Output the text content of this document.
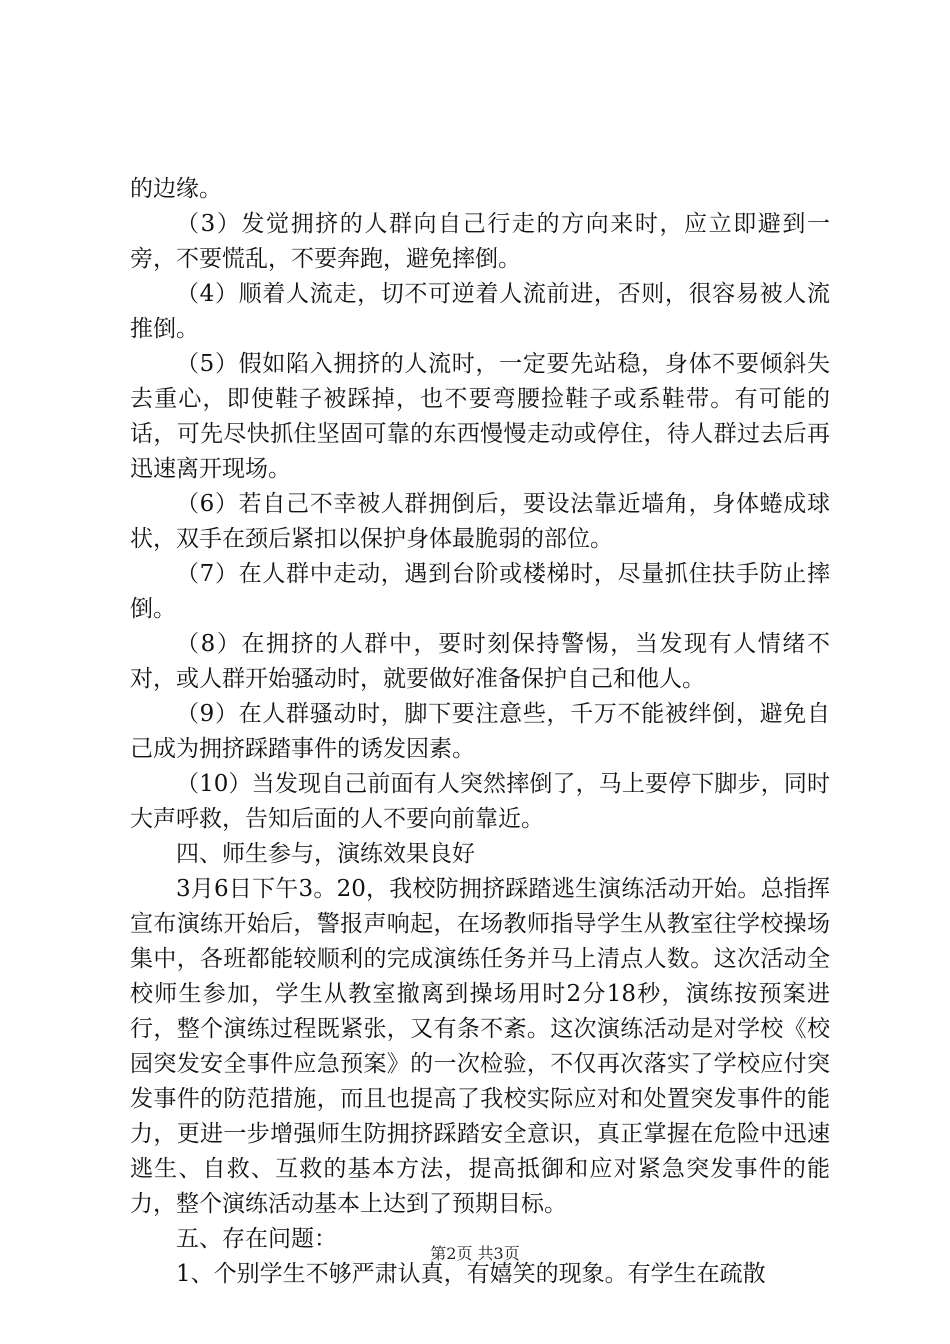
的边缘。

（3）发觉拥挤的人群向自己行走的方向来时，应立即避到一旁，不要慌乱，不要奔跑，避免摔倒。

（4）顺着人流走，切不可逆着人流前进，否则，很容易被人流推倒。

（5）假如陷入拥挤的人流时，一定要先站稳，身体不要倾斜失去重心，即使鞋子被踩掉，也不要弯腰捡鞋子或系鞋带。有可能的话，可先尽快抓住坚固可靠的东西慢慢走动或停住，待人群过去后再迅速离开现场。

（6）若自己不幸被人群拥倒后，要设法靠近墙角，身体蜷成球状，双手在颈后紧扣以保护身体最脆弱的部位。

（7）在人群中走动，遇到台阶或楼梯时，尽量抓住扶手防止摔倒。

（8）在拥挤的人群中，要时刻保持警惕，当发现有人情绪不对，或人群开始骚动时，就要做好准备保护自己和他人。

（9）在人群骚动时，脚下要注意些，千万不能被绊倒，避免自己成为拥挤踩踏事件的诱发因素。

（10）当发现自己前面有人突然摔倒了，马上要停下脚步，同时大声呼救，告知后面的人不要向前靠近。

四、师生参与，演练效果良好

3月6日下午3。20，我校防拥挤踩踏逃生演练活动开始。总指挥宣布演练开始后，警报声响起，在场教师指导学生从教室往学校操场集中，各班都能较顺利的完成演练任务并马上清点人数。这次活动全校师生参加，学生从教室撤离到操场用时2分18秒，演练按预案进行，整个演练过程既紧张，又有条不紊。这次演练活动是对学校《校园突发安全事件应急预案》的一次检验，不仅再次落实了学校应付突发事件的防范措施，而且也提高了我校实际应对和处置突发事件的能力，更进一步增强师生防拥挤踩踏安全意识，真正掌握在危险中迅速逃生、自救、互救的基本方法，提高抵御和应对紧急突发事件的能力，整个演练活动基本上达到了预期目标。

五、存在问题：

1、个别学生不够严肃认真，有嬉笑的现象。有学生在疏散

第2页 共3页
